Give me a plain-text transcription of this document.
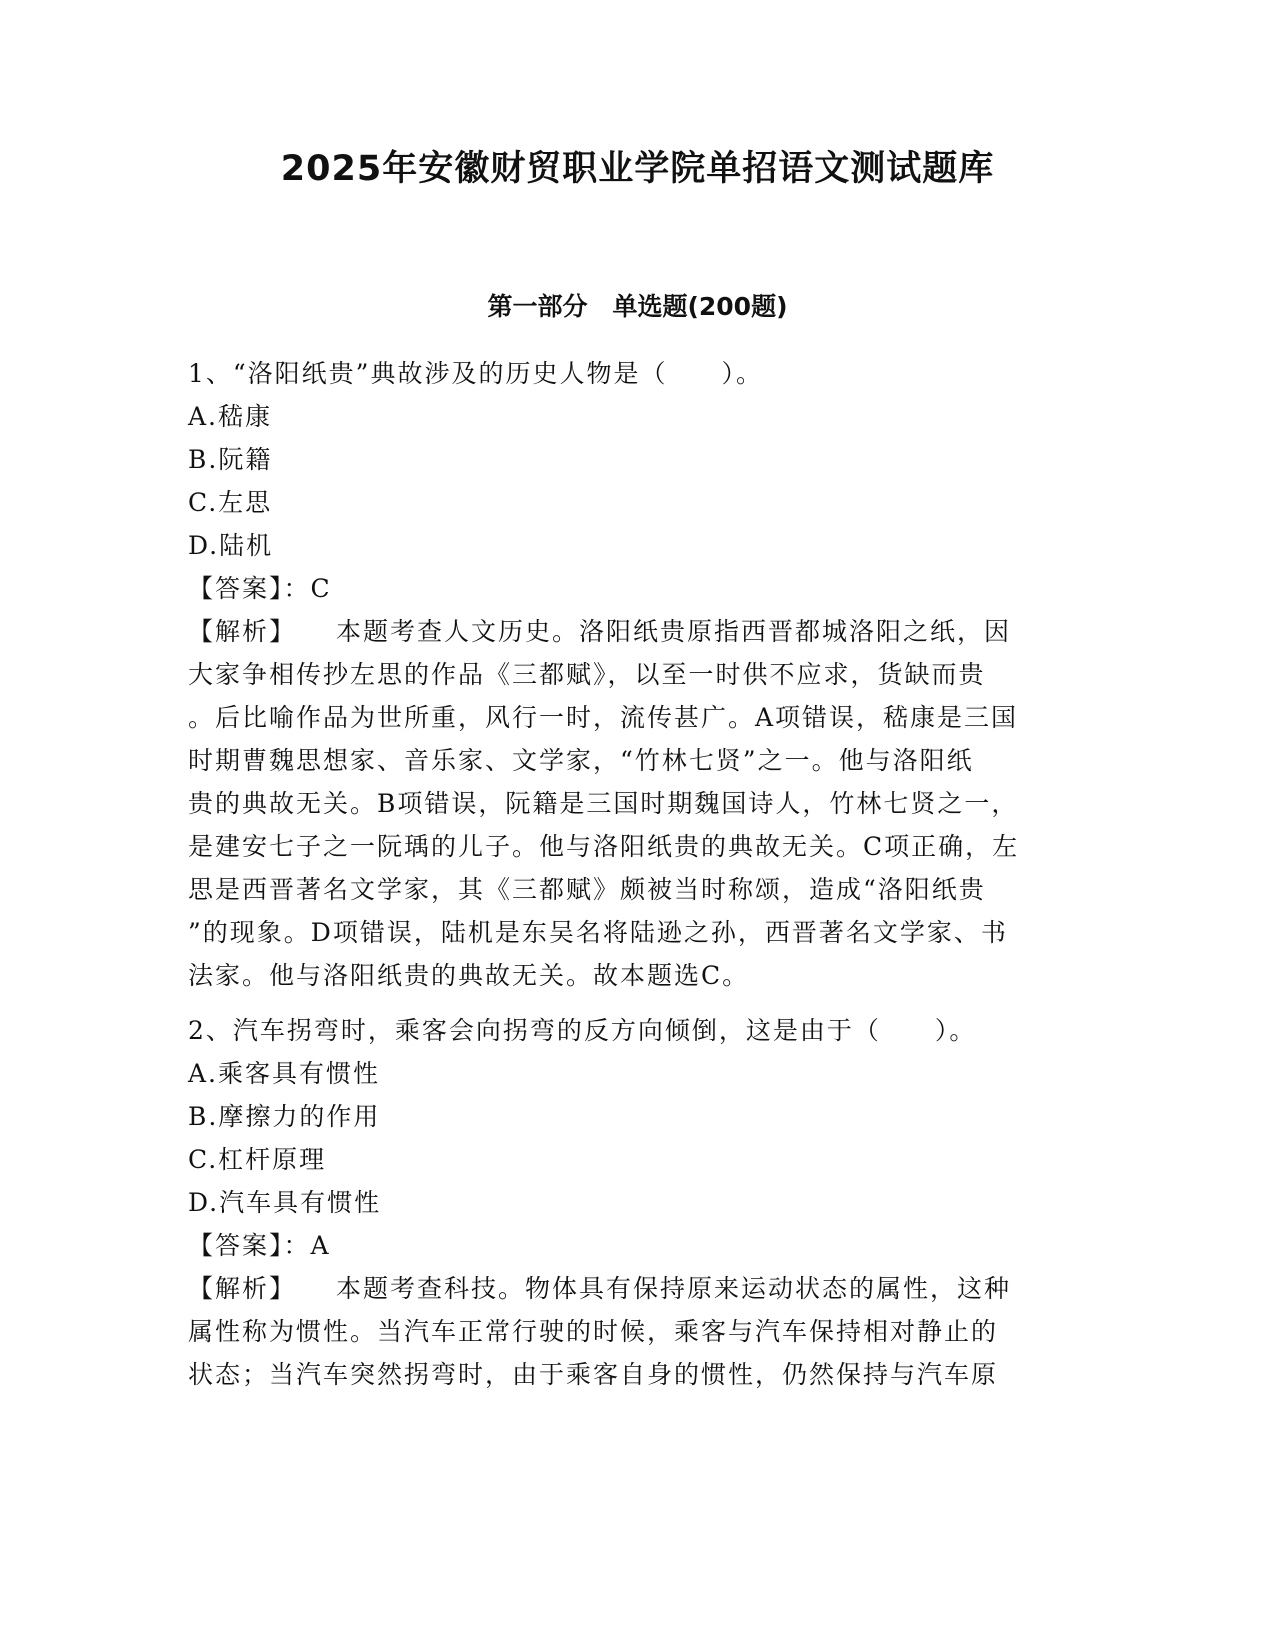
2025年安徽财贸职业学院单招语文测试题库
第一部分　单选题(200题)
1、“洛阳纸贵”典故涉及的历史人物是（　　）。
A.嵇康
B.阮籍
C.左思
D.陆机
【答案】：C
【解析】 本题考查人文历史。洛阳纸贵原指西晋都城洛阳之纸，因
大家争相传抄左思的作品《三都赋》，以至一时供不应求，货缺而贵
。后比喻作品为世所重，风行一时，流传甚广。A项错误，嵇康是三国
时期曹魏思想家、音乐家、文学家，“竹林七贤”之一。他与洛阳纸
贵的典故无关。B项错误，阮籍是三国时期魏国诗人，竹林七贤之一，
是建安七子之一阮瑀的儿子。他与洛阳纸贵的典故无关。C项正确，左
思是西晋著名文学家，其《三都赋》颇被当时称颂，造成“洛阳纸贵
”的现象。D项错误，陆机是东吴名将陆逊之孙，西晋著名文学家、书
法家。他与洛阳纸贵的典故无关。故本题选C。
2、汽车拐弯时，乘客会向拐弯的反方向倾倒，这是由于（　　）。
A.乘客具有惯性
B.摩擦力的作用
C.杠杆原理
D.汽车具有惯性
【答案】：A
【解析】 本题考查科技。物体具有保持原来运动状态的属性，这种
属性称为惯性。当汽车正常行驶的时候，乘客与汽车保持相对静止的
状态；当汽车突然拐弯时，由于乘客自身的惯性，仍然保持与汽车原
